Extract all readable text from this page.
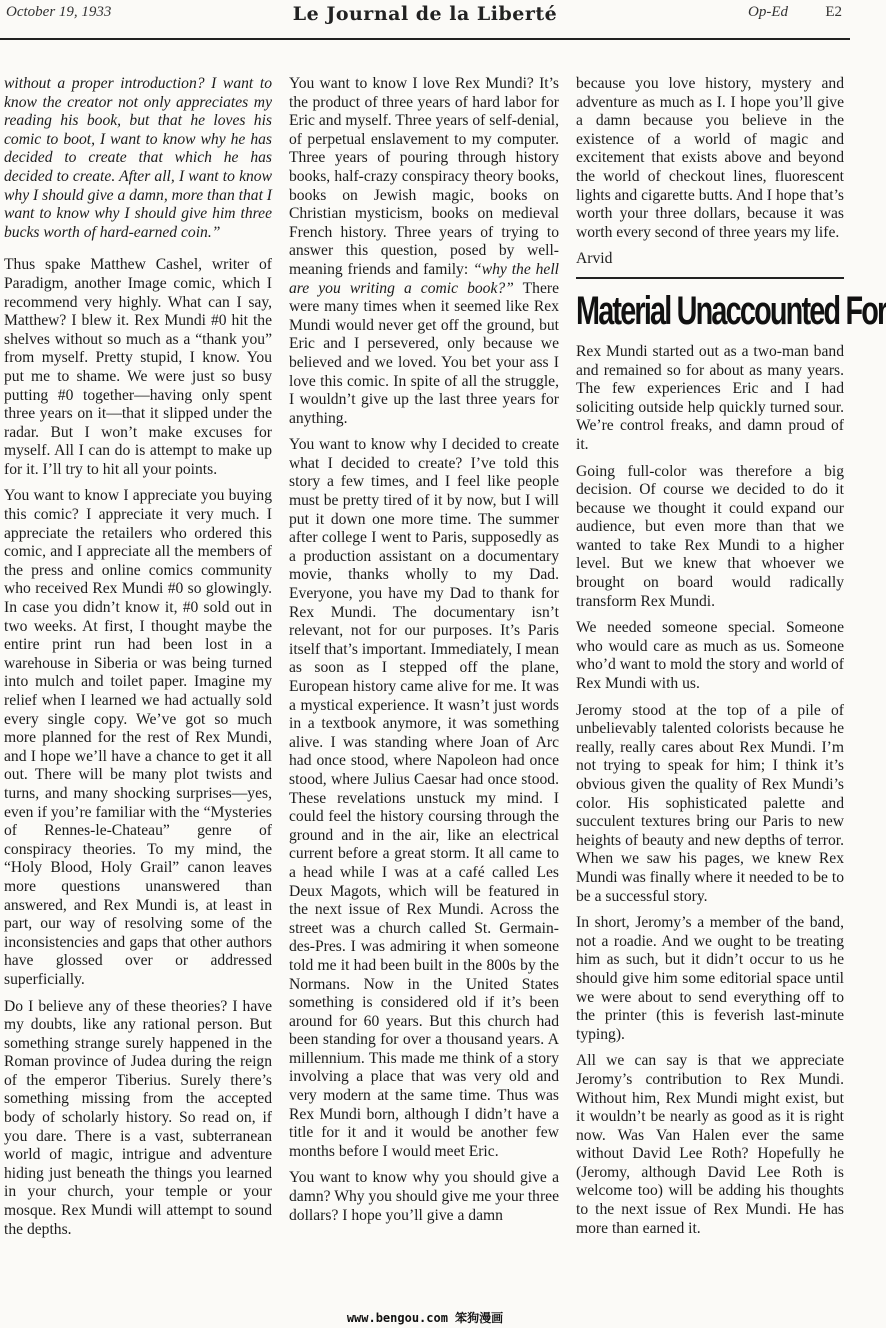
October 19, 1933	Le Journal de la Liberté	Op-Ed E2

without a proper introduction? I want to know the creator not only appreciates my reading his book, but that he loves his comic to boot, I want to know why he has decided to create that which he has decided to create. After all, I want to know why I should give a damn, more than that I want to know why I should give him three bucks worth of hard-earned coin.”

Thus spake Matthew Cashel, writer of Paradigm, another Image comic, which I recommend very highly. What can I say, Matthew? I blew it. Rex Mundi #0 hit the shelves without so much as a “thank you” from myself. Pretty stupid, I know. You put me to shame. We were just so busy putting #0 together—having only spent three years on it—that it slipped under the radar. But I won’t make excuses for myself. All I can do is attempt to make up for it. I’ll try to hit all your points.

You want to know I appreciate you buying this comic? I appreciate it very much. I appreciate the retailers who ordered this comic, and I appreciate all the members of the press and online comics community who received Rex Mundi #0 so glowingly. In case you didn’t know it, #0 sold out in two weeks. At first, I thought maybe the entire print run had been lost in a warehouse in Siberia or was being turned into mulch and toilet paper. Imagine my relief when I learned we had actually sold every single copy. We’ve got so much more planned for the rest of Rex Mundi, and I hope we’ll have a chance to get it all out. There will be many plot twists and turns, and many shocking surprises—yes, even if you’re familiar with the “Mysteries of Rennes-le-Chateau” genre of conspiracy theories. To my mind, the “Holy Blood, Holy Grail” canon leaves more questions unanswered than answered, and Rex Mundi is, at least in part, our way of resolving some of the inconsistencies and gaps that other authors have glossed over or addressed superficially.

Do I believe any of these theories? I have my doubts, like any rational person. But something strange surely happened in the Roman province of Judea during the reign of the emperor Tiberius. Surely there’s something missing from the accepted body of scholarly history. So read on, if you dare. There is a vast, subterranean world of magic, intrigue and adventure hiding just beneath the things you learned in your church, your temple or your mosque. Rex Mundi will attempt to sound the depths.

You want to know I love Rex Mundi? It’s the product of three years of hard labor for Eric and myself. Three years of self-denial, of perpetual enslavement to my computer. Three years of pouring through history books, half-crazy conspiracy theory books, books on Jewish magic, books on Christian mysticism, books on medieval French history. Three years of trying to answer this question, posed by well-meaning friends and family: “why the hell are you writing a comic book?” There were many times when it seemed like Rex Mundi would never get off the ground, but Eric and I persevered, only because we believed and we loved. You bet your ass I love this comic. In spite of all the struggle, I wouldn’t give up the last three years for anything.

You want to know why I decided to create what I decided to create? I’ve told this story a few times, and I feel like people must be pretty tired of it by now, but I will put it down one more time. The summer after college I went to Paris, supposedly as a production assistant on a documentary movie, thanks wholly to my Dad. Everyone, you have my Dad to thank for Rex Mundi. The documentary isn’t relevant, not for our purposes. It’s Paris itself that’s important. Immediately, I mean as soon as I stepped off the plane, European history came alive for me. It was a mystical experience. It wasn’t just words in a textbook anymore, it was something alive. I was standing where Joan of Arc had once stood, where Napoleon had once stood, where Julius Caesar had once stood. These revelations unstuck my mind. I could feel the history coursing through the ground and in the air, like an electrical current before a great storm. It all came to a head while I was at a café called Les Deux Magots, which will be featured in the next issue of Rex Mundi. Across the street was a church called St. Germain-des-Pres. I was admiring it when someone told me it had been built in the 800s by the Normans. Now in the United States something is considered old if it’s been around for 60 years. But this church had been standing for over a thousand years. A millennium. This made me think of a story involving a place that was very old and very modern at the same time. Thus was Rex Mundi born, although I didn’t have a title for it and it would be another few months before I would meet Eric.

You want to know why you should give a damn? Why you should give me your three dollars? I hope you’ll give a damn

because you love history, mystery and adventure as much as I. I hope you’ll give a damn because you believe in the existence of a world of magic and excitement that exists above and beyond the world of checkout lines, fluorescent lights and cigarette butts. And I hope that’s worth your three dollars, because it was worth every second of three years my life.

Arvid

Material Unaccounted For

Rex Mundi started out as a two-man band and remained so for about as many years. The few experiences Eric and I had soliciting outside help quickly turned sour. We’re control freaks, and damn proud of it.

Going full-color was therefore a big decision. Of course we decided to do it because we thought it could expand our audience, but even more than that we wanted to take Rex Mundi to a higher level. But we knew that whoever we brought on board would radically transform Rex Mundi.

We needed someone special. Someone who would care as much as us. Someone who’d want to mold the story and world of Rex Mundi with us.

Jeromy stood at the top of a pile of unbelievably talented colorists because he really, really cares about Rex Mundi. I’m not trying to speak for him; I think it’s obvious given the quality of Rex Mundi’s color. His sophisticated palette and succulent textures bring our Paris to new heights of beauty and new depths of terror. When we saw his pages, we knew Rex Mundi was finally where it needed to be to be a successful story.

In short, Jeromy’s a member of the band, not a roadie. And we ought to be treating him as such, but it didn’t occur to us he should give him some editorial space until we were about to send everything off to the printer (this is feverish last-minute typing).

All we can say is that we appreciate Jeromy’s contribution to Rex Mundi. Without him, Rex Mundi might exist, but it wouldn’t be nearly as good as it is right now. Was Van Halen ever the same without David Lee Roth? Hopefully he (Jeromy, although David Lee Roth is welcome too) will be adding his thoughts to the next issue of Rex Mundi. He has more than earned it.

www.bengou.com 笨狗漫画
